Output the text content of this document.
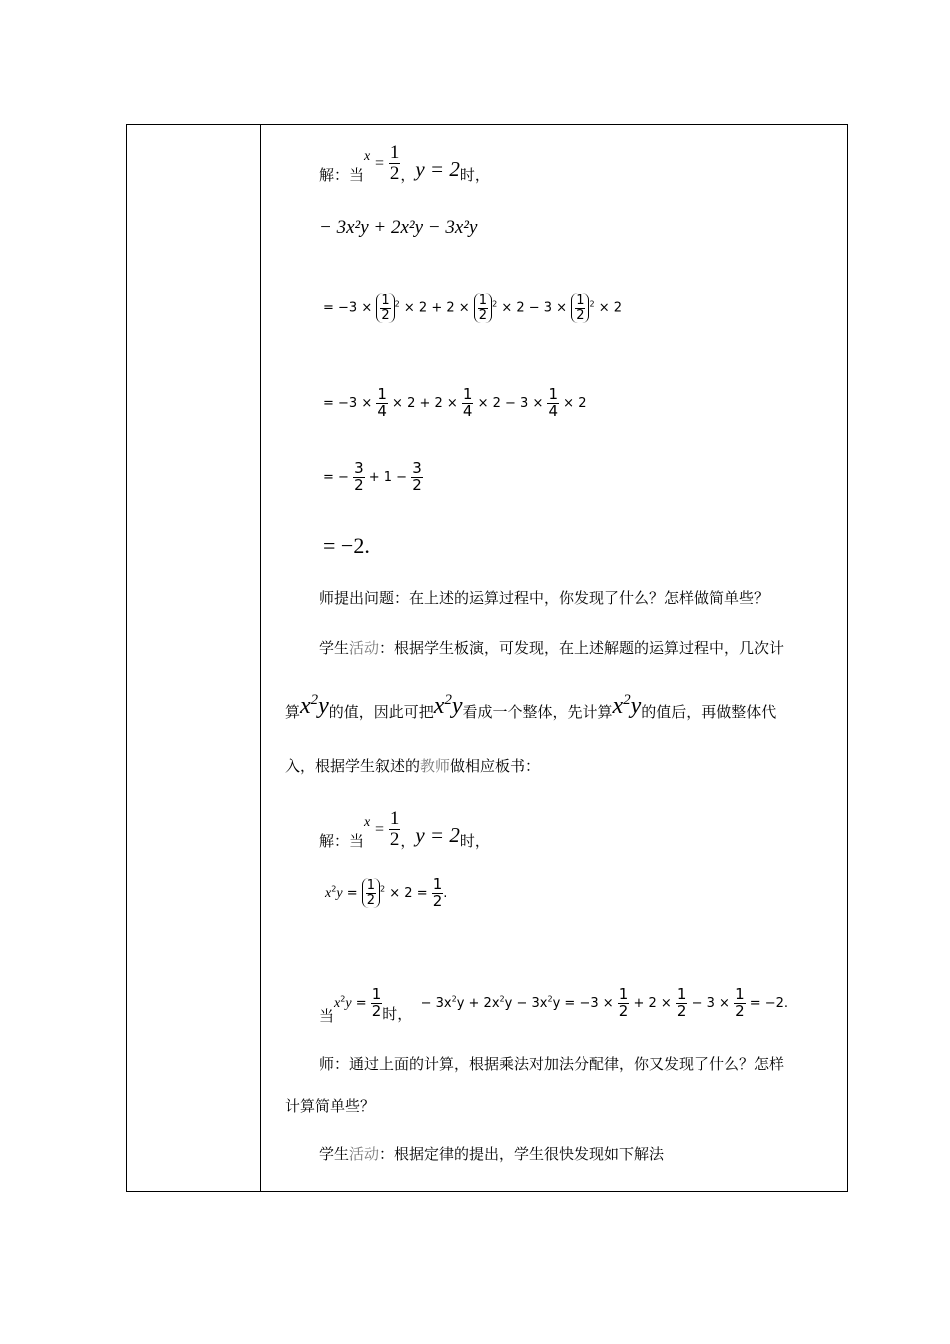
解：当$x = \frac{1}{2}$ ，y = 2时，
− 3x²y + 2x²y − 3x²y
= $-3 \times \frac{1}{2} ^2 \times 2 + 2 \times \frac{1}{2} ^2 \times 2 - 3 \times \frac{1}{2} ^2 \times 2$
= $-3 \times \frac{1}{4} \times 2 + 2 \times \frac{1}{4} \times 2 - 3 \times \frac{1}{4} \times 2$
= − $\frac{3}{2} + 1 - \frac{3}{2}$
= −2.
师提出问题：在上述的运算过程中，你发现了什么？怎样做简单些？
学生活动：根据学生板演，可发现，在上述解题的运算过程中，几次计
算$x^2y$的值，因此可把$x^2y$看成一个整体，先计算$x^2y$的值后，再做整体代
入，根据学生叙述的教师做相应板书：
解：当$x = \frac{1}{2}$ ，y = 2时，
$x^2y = \frac{1}{2} ^2 \times 2 = \frac{1}{2}$ .
当$x^2y = \frac{1}{2}$ 时，  − $3x^2y + 2x^2y - 3x^2y = -3 \times \frac{1}{2} + 2 \times \frac{1}{2} - 3 \times \frac{1}{2} = -2$.
师：通过上面的计算，根据乘法对加法分配律，你又发现了什么？怎样
计算简单些？
学生活动：根据定律的提出，学生很快发现如下解法
